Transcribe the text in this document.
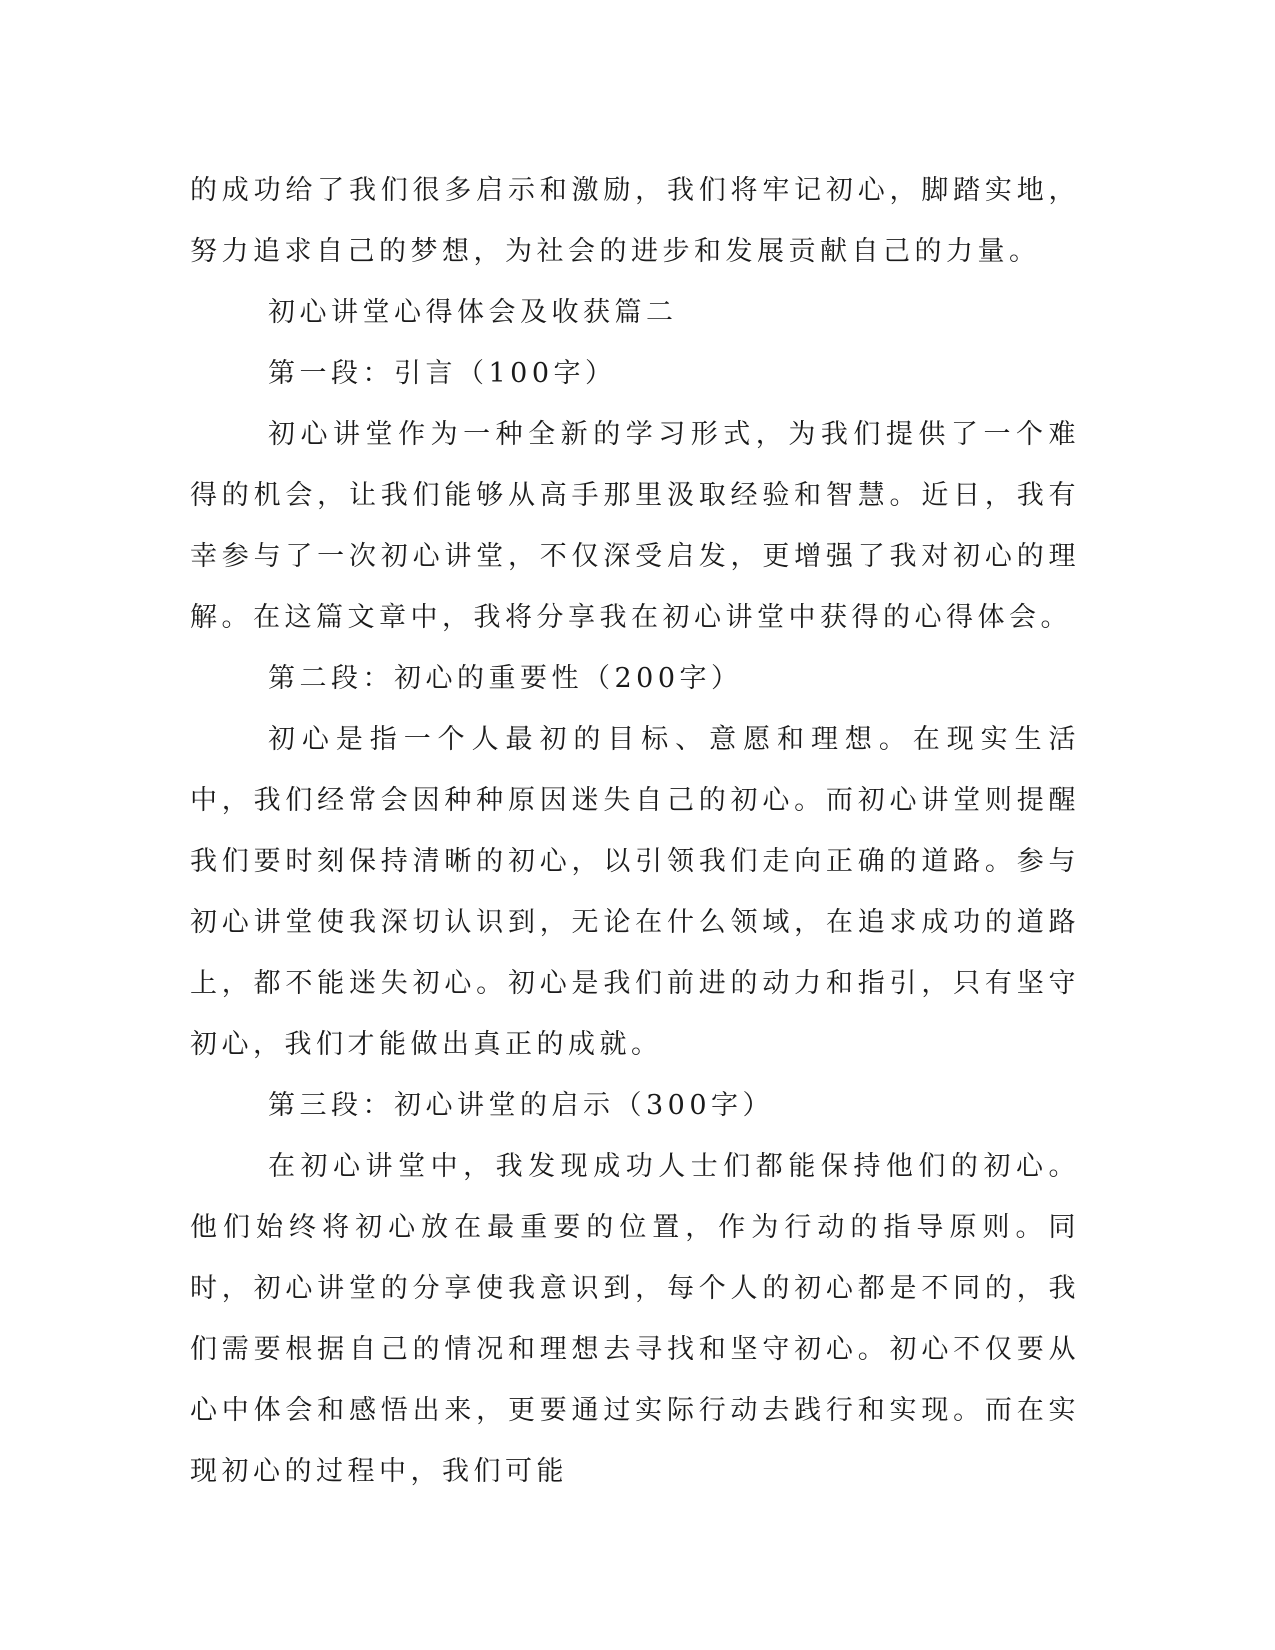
的成功给了我们很多启示和激励，我们将牢记初心，脚踏实地，努力追求自己的梦想，为社会的进步和发展贡献自己的力量。

初心讲堂心得体会及收获篇二

第一段：引言（100字）

初心讲堂作为一种全新的学习形式，为我们提供了一个难得的机会，让我们能够从高手那里汲取经验和智慧。近日，我有幸参与了一次初心讲堂，不仅深受启发，更增强了我对初心的理解。在这篇文章中，我将分享我在初心讲堂中获得的心得体会。

第二段：初心的重要性（200字）

初心是指一个人最初的目标、意愿和理想。在现实生活中，我们经常会因种种原因迷失自己的初心。而初心讲堂则提醒我们要时刻保持清晰的初心，以引领我们走向正确的道路。参与初心讲堂使我深切认识到，无论在什么领域，在追求成功的道路上，都不能迷失初心。初心是我们前进的动力和指引，只有坚守初心，我们才能做出真正的成就。

第三段：初心讲堂的启示（300字）

在初心讲堂中，我发现成功人士们都能保持他们的初心。他们始终将初心放在最重要的位置，作为行动的指导原则。同时，初心讲堂的分享使我意识到，每个人的初心都是不同的，我们需要根据自己的情况和理想去寻找和坚守初心。初心不仅要从心中体会和感悟出来，更要通过实际行动去践行和实现。而在实现初心的过程中，我们可能
